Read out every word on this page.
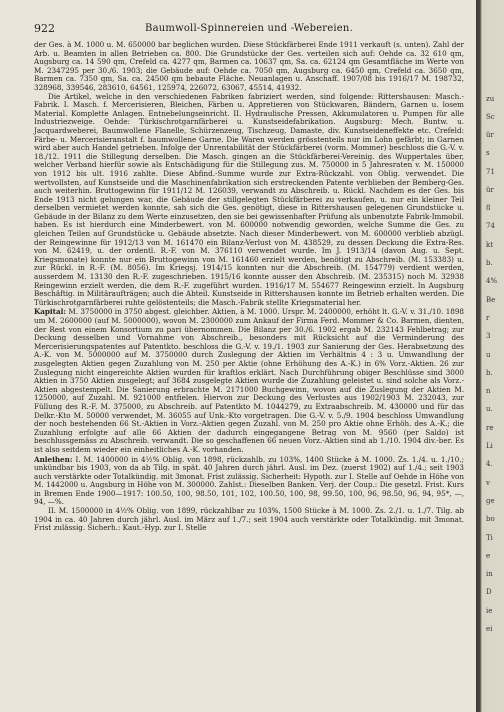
922	Baumwoll-Spinnereien und -Webereien.

der Ges. à M. 1000 u. M. 650000 bar beglichen wurden. Diese Stückfärberei Ende 1911 verkauft (s. unten). Zahl der Arb. u. Beamten in allen Betrieben ca. 800. Die Grundstücke der Ges. verteilen sich auf: Oehde ca. 32 610 qm, Augsburg ca. 14 590 qm, Crefeld ca. 4277 qm, Barmen ca. 10637 qm, Sa. ca. 62124 qm Gesamtfläche im Werte von M. 2347295 per 30./6. 1903; die Gebäude auf: Oehde ca. 7050 qm, Augsburg ca. 6450 qm, Crefeld ca. 3650 qm, Barmen ca. 7350 qm, Sa. ca. 24500 qm bebaute Fläche. Neuanlagen u. Anschaff. 1907/08 bis 1916/17 M. 198732, 328968, 339546, 283610, 64561, 125974, 226072, 63067, 45514, 41932.

Die Artikel, welche in den verschiedenen Fabriken fabriziert werden, sind folgende: Rittershausen: Masch.-Fabrik. I. Masch. f. Mercerisieren, Bleichen, Färben u. Appretieren von Stückwaren, Bändern, Garnen u. losem Material. Komplette Anlagen. Entnebelungseinricht. II. Hydraulische Pressen, Akkumulatoren u. Pumpen für alle Industriezweige. Oehde: Türkischrotgarnfärberei u. Kunstseidefabrikation. Augsburg: Mech. Buntw. u. Jacquardweberei, Baumwollene Flanelle, Schürzenzeug, Tischzeug, Damaste, div. Kunstseideneffekte etc. Crefeld: Färbe- u. Mercerisieranstalt f. baumwollene Garne. Die Waren werden grösstenteils nur im Lohn gefärbt; in Garnen wird aber auch Handel getrieben. Infolge der Unrentabilität der Stückfärberei (vorm. Mommer) beschloss die G.-V. v. 18./12. 1911 die Stillegung derselben. Die Masch. gingen an die Stückfärberei-Vereinig. des Wuppertales über, welcher Verband hierfür sowie als Entschädigung für die Stillegung zus. M. 750000 in 5 Jahresraten v. M. 150000 von 1912 bis ult. 1916 zahlte. Diese Abfind.-Summe wurde zur Extra-Rückzahl. von Oblig. verwendet. Die wertvollsten, auf Kunstseide und die Maschinenfabrikation sich erstreckenden Patente verblieben der Bemberg-Ges. auch weiterhin. Bruttogewinn für 1911/12 M. 126039, verwandt zu Abschreib. u. Rückl. Nachdem es der Ges. bis Ende 1913 nicht gelungen war, die Gebäude der stillgelegten Stückfärberei zu verkaufen, u. nur ein kleiner Teil derselben vermietet werden konnte, sah sich die Ges. genötigt, diese in Rittershausen gelegenen Grundstücke u. Gebäude in der Bilanz zu dem Werte einzusetzen, den sie bei gewissenhafter Prüfung als unbenutzte Fabrik-Immobil. haben. Es ist hierdurch eine Minderbewert. von M. 600000 notwendig geworden, welche Summe die Ges. zu gleichen Teilen auf Grundstücke u. Gebäude absetzte. Nach dieser Minderbewert. von M. 600000 verblieb abzügl. der Reingewinne für 1912/13 von M. 161470 ein Bilanz-Verlust von M. 438529, zu dessen Deckung die Extra-Res. von M. 62419, u. der ordentl. R.-F. von M. 376110 verwendet wurde. Im J. 1913/14 (davon Aug. u. Sept. Kriegsmonate) konnte nur ein Bruttogewinn von M. 161460 erzielt werden, benötigt zu Abschreib. (M. 153383) u. zur Rückl. in R.-F. (M. 8056). Im Kriegsj. 1914/15 konnten nur die Abschreib. (M. 154779) verdient werden, ausserdem M. 13130 den R.-F. zugeschrieben. 1915/16 konnte ausser den Abschreib. (M. 235315) noch M. 32938 Reingewinn erzielt werden, die dem R.-F. zugeführt wurden. 1916/17 M. 554677 Reingewinn erzielt. In Augsburg Beschäftig. in Militäraufträgen; auch die Abteil. Kunstseide in Rittershausen konnte im Betrieb erhalten werden. Die Türkischrotgarnfärberei ruhte gelöstenteils; die Masch.-Fabrik stellte Kriegsmaterial her.

Kapital: M. 3750000 in 3750 abgest. gleichber. Aktien, à M. 1000. Urspr. M. 2400000, erhöht lt. G.-V. v. 31./10. 1898 um M. 2600000 (auf M. 5000000), wovon M. 2300000 zum Ankauf der Firma Ferd. Mommer & Co. Barmen, dienten, der Rest von einem Konsortium zu pari übernommen. Die Bilanz per 30./6. 1902 ergab M. 232143 Fehlbetrag; zur Deckung desselben und Vornahme von Abschreib., besonders mit Rücksicht auf die Verminderung des Mercerisierungspatentes auf Patentkto. beschloss die G.-V. v. 19./1. 1903 zur Sanierung der Ges. Herabsetzung des A.-K. von M. 5000000 auf M. 3750000 durch Zuslegung der Aktien im Verhältnis 4 : 3 u. Umwandlung der zusgelegten Aktien gegen Zuzahlung von M. 250 per Aktie (ohne Erhöhung des A.-K.) in 6% Vorz.-Aktien. 26 zur Zuslegung nicht eingereichte Aktien wurden für kraftlos erklärt. Nach Durchführung obiger Beschlüsse sind 3000 Aktien in 3750 Aktien zusgelegt; auf 3684 zusgelegte Aktien wurde die Zuzahlung geleistet u. sind solche als Vorz.-Aktien abgestempelt. Die Sanierung erbrachte M. 2171000 Buchgewinn, wovon auf die Zuslegung der Aktien M. 1250000, auf Zuzahl. M. 921000 entfielen. Hiervon zur Deckung des Verlustes aus 1902/1903 M. 232043, zur Füllung des R.-F. M. 375000, zu Abschreib. auf Patentkto M. 1044279, zu Extraabschreib. M. 430000 und für das Delkr.-Kto M. 50000 verwendet, M. 36055 auf Unk.-Kto vorgetragen. Die G.-V. v. 5./9. 1904 beschloss Umwandlung der noch bestehenden 66 St.-Aktien in Vorz.-Aktien gegen Zuzahl. von M. 250 pro Aktie ohne Erhöh. des A.-K.; die Zuzahlung erfolgte auf alle 66 Aktien der dadurch eingegangene Betrag von M. 9560 (per Saldo) ist beschlussgemäss zu Abschreib. verwandt. Die so geschaffenen 66 neuen Vorz.-Aktien sind ab 1./10. 1904 div.-ber. Es ist also seitdem wieder ein einheitliches A.-K. vorhanden.

Anleihen: I. M. 1400000 in 4½% Oblig. von 1898, rückzahlb. zu 103%, 1400 Stücke à M. 1000. Zs. 1./4. u. 1./10.; unkündbar bis 1903, von da ab Tilg. in spät. 40 Jahren durch jährl. Ausl. im Dez. (zuerst 1902) auf 1./4.; seit 1903 auch verstärkte oder Totalkündig. mit 3monat. Frist zulässig. Sicherheit: Hypoth. zur I. Stelle auf Oehde in Höhe von M. 1442000 u. Augsburg in Höhe von M. 300000. Zahlst.: Dieselben Banken. Verj. der Coup.: Die gesetzl. Frist. Kurs in Bremen Ende 1900—1917: 100.50, 100, 98.50, 101, 102, 100.50, 100, 98, 99.50, 100, 96, 98.50, 96, 94, 95*, —, 94, —%.

II. M. 1500000 in 4½% Oblig. von 1899, rückzahlbar zu 103%, 1500 Stücke à M. 1000. Zs. 2./1. u. 1./7. Tilg. ab 1904 in ca. 40 Jahren durch jährl. Ausl. im März auf 1./7.; seit 1904 auch verstärkte oder Totalkündig. mit 3monat. Frist zulässig. Sicherh.: Kaut.-Hyp. zur I. Stelle

zu
Sc
ür
s
71
ür
8
74
kt
b.
4%
Be
r
3
u
b.
n
u.
re
Li
4.
v
ge
bo
Ti
e
in
D
ie
ei
